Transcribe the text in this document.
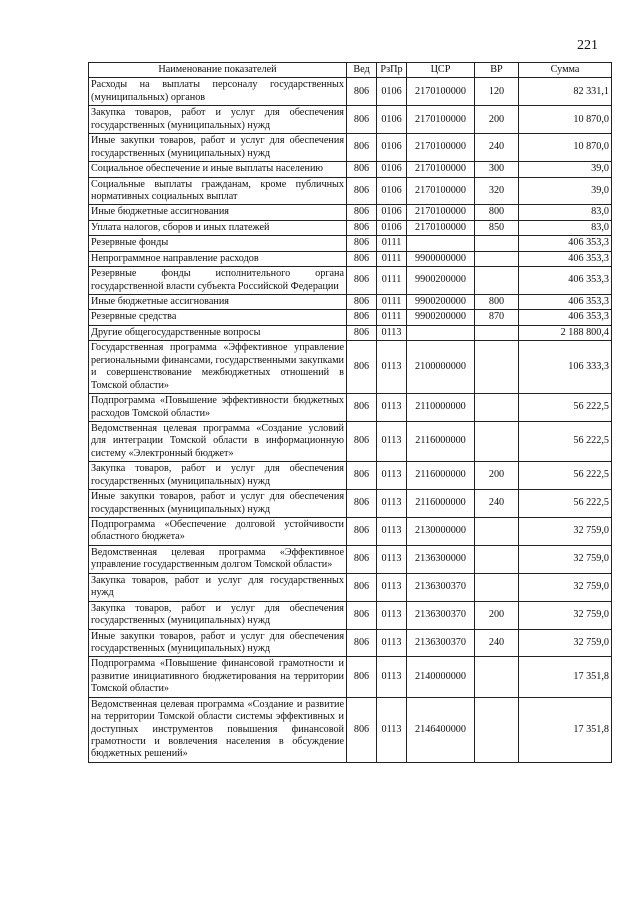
221
Наименование показателей	Вед	РзПр	ЦСР	ВР	Сумма
Расходы на выплаты персоналу государственных (муниципальных) органов	806	0106	2170100000	120	82 331,1
Закупка товаров, работ и услуг для обеспечения государственных (муниципальных) нужд	806	0106	2170100000	200	10 870,0
Иные закупки товаров, работ и услуг для обеспечения государственных (муниципальных) нужд	806	0106	2170100000	240	10 870,0
Социальное обеспечение и иные выплаты населению	806	0106	2170100000	300	39,0
Социальные выплаты гражданам, кроме публичных нормативных социальных выплат	806	0106	2170100000	320	39,0
Иные бюджетные ассигнования	806	0106	2170100000	800	83,0
Уплата налогов, сборов и иных платежей	806	0106	2170100000	850	83,0
Резервные фонды	806	0111			406 353,3
Непрограммное направление расходов	806	0111	9900000000		406 353,3
Резервные фонды исполнительного органа государственной власти субъекта Российской Федерации	806	0111	9900200000		406 353,3
Иные бюджетные ассигнования	806	0111	9900200000	800	406 353,3
Резервные средства	806	0111	9900200000	870	406 353,3
Другие общегосударственные вопросы	806	0113			2 188 800,4
Государственная программа «Эффективное управление региональными финансами, государственными закупками и совершенствование межбюджетных отношений в Томской области»	806	0113	2100000000		106 333,3
Подпрограмма «Повышение эффективности бюджетных расходов Томской области»	806	0113	2110000000		56 222,5
Ведомственная целевая программа «Создание условий для интеграции Томской области в информационную систему «Электронный бюджет»	806	0113	2116000000		56 222,5
Закупка товаров, работ и услуг для обеспечения государственных (муниципальных) нужд	806	0113	2116000000	200	56 222,5
Иные закупки товаров, работ и услуг для обеспечения государственных (муниципальных) нужд	806	0113	2116000000	240	56 222,5
Подпрограмма «Обеспечение долговой устойчивости областного бюджета»	806	0113	2130000000		32 759,0
Ведомственная целевая программа «Эффективное управление государственным долгом Томской области»	806	0113	2136300000		32 759,0
Закупка товаров, работ и услуг для государственных нужд	806	0113	2136300370		32 759,0
Закупка товаров, работ и услуг для обеспечения государственных (муниципальных) нужд	806	0113	2136300370	200	32 759,0
Иные закупки товаров, работ и услуг для обеспечения государственных (муниципальных) нужд	806	0113	2136300370	240	32 759,0
Подпрограмма «Повышение финансовой грамотности и развитие инициативного бюджетирования на территории Томской области»	806	0113	2140000000		17 351,8
Ведомственная целевая программа «Создание и развитие на территории Томской области системы эффективных и доступных инструментов повышения финансовой грамотности и вовлечения населения в обсуждение бюджетных решений»	806	0113	2146400000		17 351,8
